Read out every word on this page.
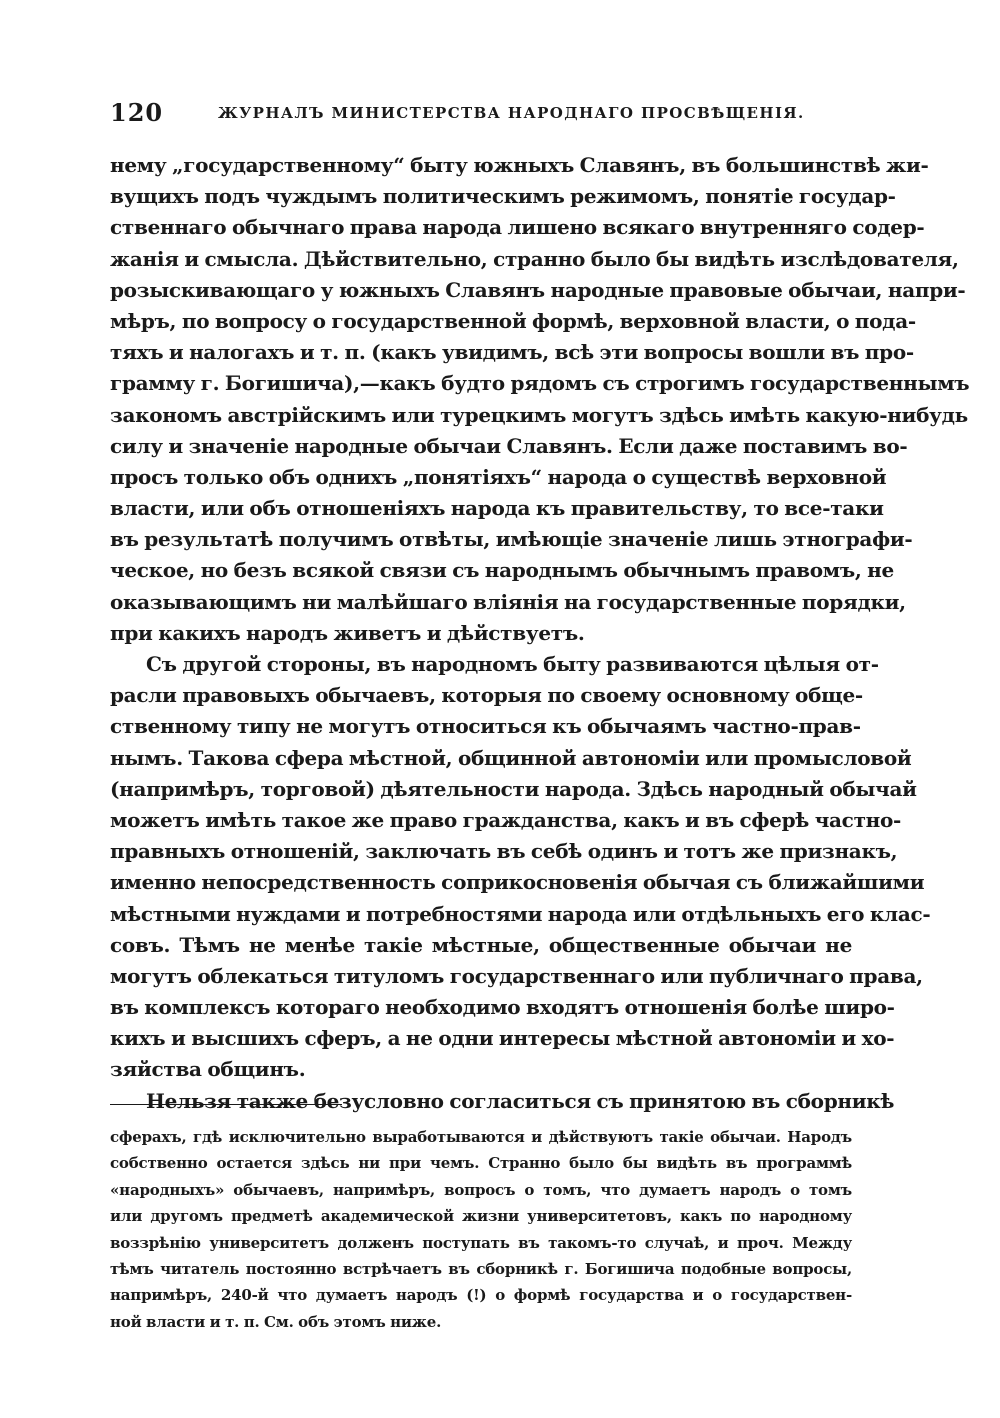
120	ЖУРНАЛЪ МИНИСТЕРСТВА НАРОДНАГО ПРОСВѢЩЕНІЯ.
нему „государственному“ быту южныхъ Славянъ, въ большинствѣ жи-
вущихъ подъ чуждымъ политическимъ режимомъ, понятіе государ-
ственнаго обычнаго права народа лишено всякаго внутренняго содер-
жанія и смысла. Дѣйствительно, странно было бы видѣть изслѣдователя,
розыскивающаго у южныхъ Славянъ народные правовые обычаи, напри-
мѣръ, по вопросу о государственной формѣ, верховной власти, о пода-
тяхъ и налогахъ и т. п. (какъ увидимъ, всѣ эти вопросы вошли въ про-
грамму г. Богишича),—какъ будто рядомъ съ строгимъ государственнымъ
закономъ австрійскимъ или турецкимъ могутъ здѣсь имѣть какую-нибудь
силу и значеніе народные обычаи Славянъ. Если даже поставимъ во-
просъ только объ однихъ „понятіяхъ“ народа о существѣ верховной
власти, или объ отношеніяхъ народа къ правительству, то все-таки
въ результатѣ получимъ отвѣты, имѣющіе значеніе лишь этнографи-
ческое, но безъ всякой связи съ народнымъ обычнымъ правомъ, не
оказывающимъ ни малѣйшаго вліянія на государственные порядки,
при какихъ народъ живетъ и дѣйствуетъ.
Съ другой стороны, въ народномъ быту развиваются цѣлыя от-
расли правовыхъ обычаевъ, которыя по своему основному обще-
ственному типу не могутъ относиться къ обычаямъ частно-прав-
нымъ. Такова сфера мѣстной, общинной автономіи или промысловой
(напримѣръ, торговой) дѣятельности народа. Здѣсь народный обычай
можетъ имѣть такое же право гражданства, какъ и въ сферѣ частно-
правныхъ отношеній, заключать въ себѣ одинъ и тотъ же признакъ,
именно непосредственность соприкосновенія обычая съ ближайшими
мѣстными нуждами и потребностями народа или отдѣльныхъ его клас-
совъ. Тѣмъ не менѣе такіе мѣстные, общественные обычаи не
могутъ облекаться титуломъ государственнаго или публичнаго права,
въ комплексъ котораго необходимо входятъ отношенія болѣе широ-
кихъ и высшихъ сферъ, а не одни интересы мѣстной автономіи и хо-
зяйства общинъ.
Нельзя также безусловно согласиться съ принятою въ сборникѣ
сферахъ, гдѣ исключительно выработываются и дѣйствуютъ такіе обычаи. Народъ
собственно остается здѣсь ни при чемъ. Странно было бы видѣть въ программѣ
«народныхъ» обычаевъ, напримѣръ, вопросъ о томъ, что думаетъ народъ о томъ
или другомъ предметѣ академической жизни университетовъ, какъ по народному
воззрѣнію университетъ долженъ поступать въ такомъ-то случаѣ, и проч. Между
тѣмъ читатель постоянно встрѣчаетъ въ сборникѣ г. Богишича подобные вопросы,
напримѣръ, 240-й что думаетъ народъ (!) о формѣ государства и о государствен-
ной власти и т. п. См. объ этомъ ниже.
